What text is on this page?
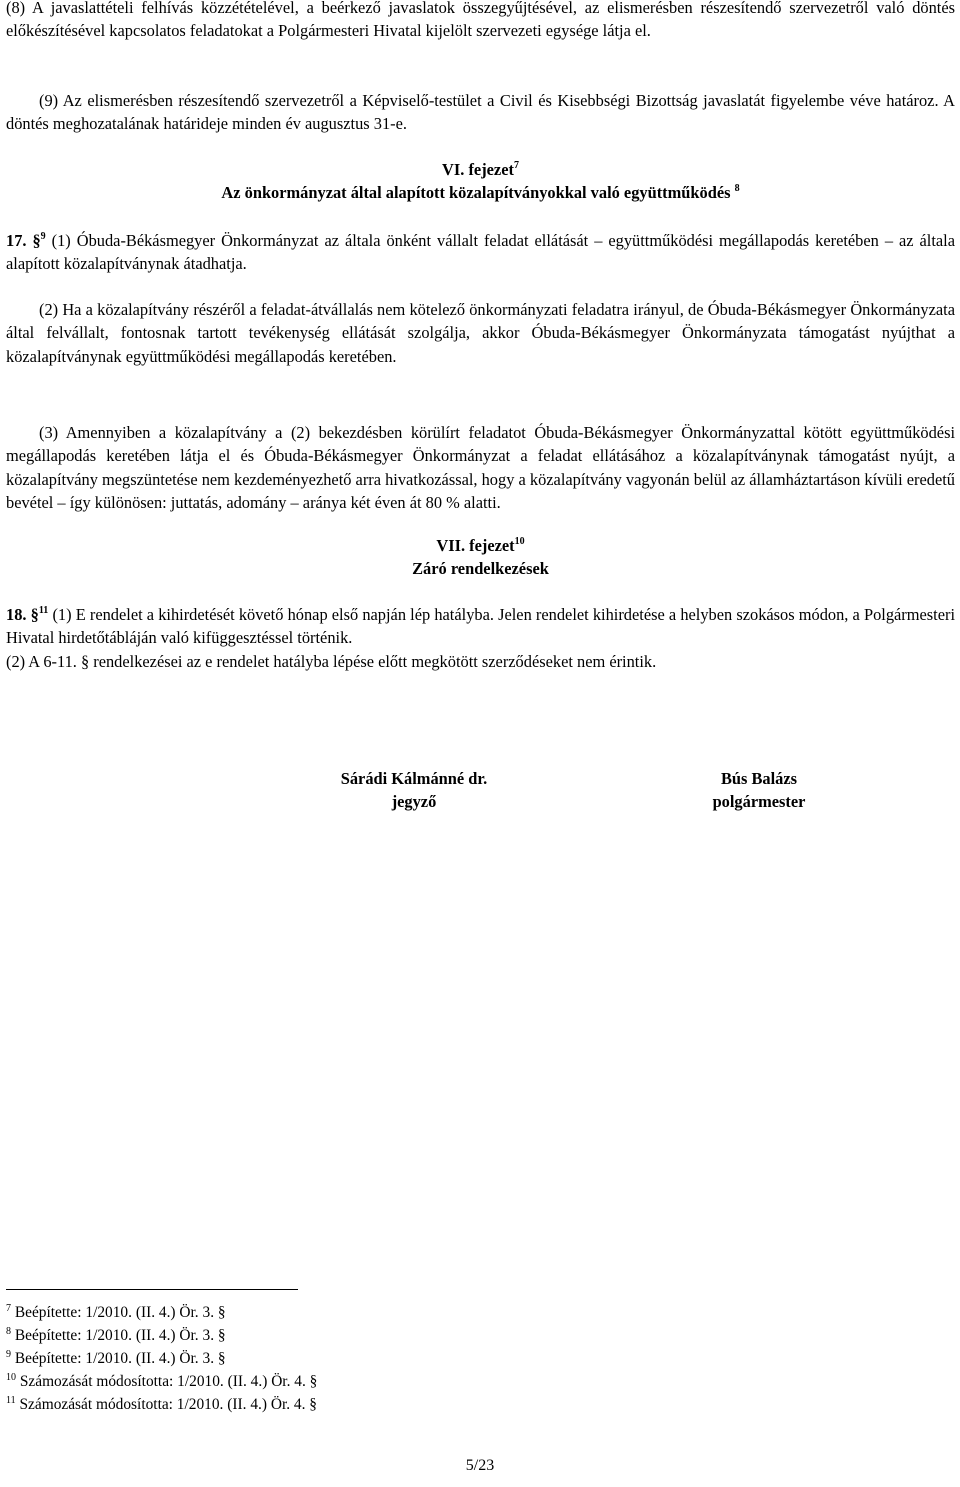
(8) A javaslattételi felhívás közzétételével, a beérkező javaslatok összegyűjtésével, az elismerésben részesítendő szervezetről való döntés előkészítésével kapcsolatos feladatokat a Polgármesteri Hivatal kijelölt szervezeti egysége látja el.

(9) Az elismerésben részesítendő szervezetről a Képviselő-testület a Civil és Kisebbségi Bizottság javaslatát figyelembe véve határoz. A döntés meghozatalának határideje minden év augusztus 31-e.

VI. fejezet$^7$
Az önkormányzat által alapított közalapítványokkal való együttműködés $^8$

17. §$^9$ (1) Óbuda-Békásmegyer Önkormányzat az általa önként vállalt feladat ellátását – együttműködési megállapodás keretében – az általa alapított közalapítványnak átadhatja.

(2) Ha a közalapítvány részéről a feladat-átvállalás nem kötelező önkormányzati feladatra irányul, de Óbuda-Békásmegyer Önkormányzata által felvállalt, fontosnak tartott tevékenység ellátását szolgálja, akkor Óbuda-Békásmegyer Önkormányzata támogatást nyújthat a közalapítványnak együttműködési megállapodás keretében.

(3) Amennyiben a közalapítvány a (2) bekezdésben körülírt feladatot Óbuda-Békásmegyer Önkormányzattal kötött együttműködési megállapodás keretében látja el és Óbuda-Békásmegyer Önkormányzat a feladat ellátásához a közalapítványnak támogatást nyújt, a közalapítvány megszüntetése nem kezdeményezhető arra hivatkozással, hogy a közalapítvány vagyonán belül az államháztartáson kívüli eredetű bevétel – így különösen: juttatás, adomány – aránya két éven át 80 % alatti.

VII. fejezet$^{10}$
Záró rendelkezések

18. §$^{11}$ (1) E rendelet a kihirdetését követő hónap első napján lép hatályba. Jelen rendelet kihirdetése a helyben szokásos módon, a Polgármesteri Hivatal hirdetőtábláján való kifüggesztéssel történik.

(2) A 6-11. § rendelkezései az e rendelet hatályba lépése előtt megkötött szerződéseket nem érintik.

Sárádi Kálmánné dr.
jegyző
Bús Balázs
polgármester
$^7$ Beépítette: 1/2010. (II. 4.) Ör. 3. §
$^8$ Beépítette: 1/2010. (II. 4.) Ör. 3. §
$^9$ Beépítette: 1/2010. (II. 4.) Ör. 3. §
$^{10}$ Számozását módosította: 1/2010. (II. 4.) Ör. 4. §
$^{11}$ Számozását módosította: 1/2010. (II. 4.) Ör. 4. §
5/23
